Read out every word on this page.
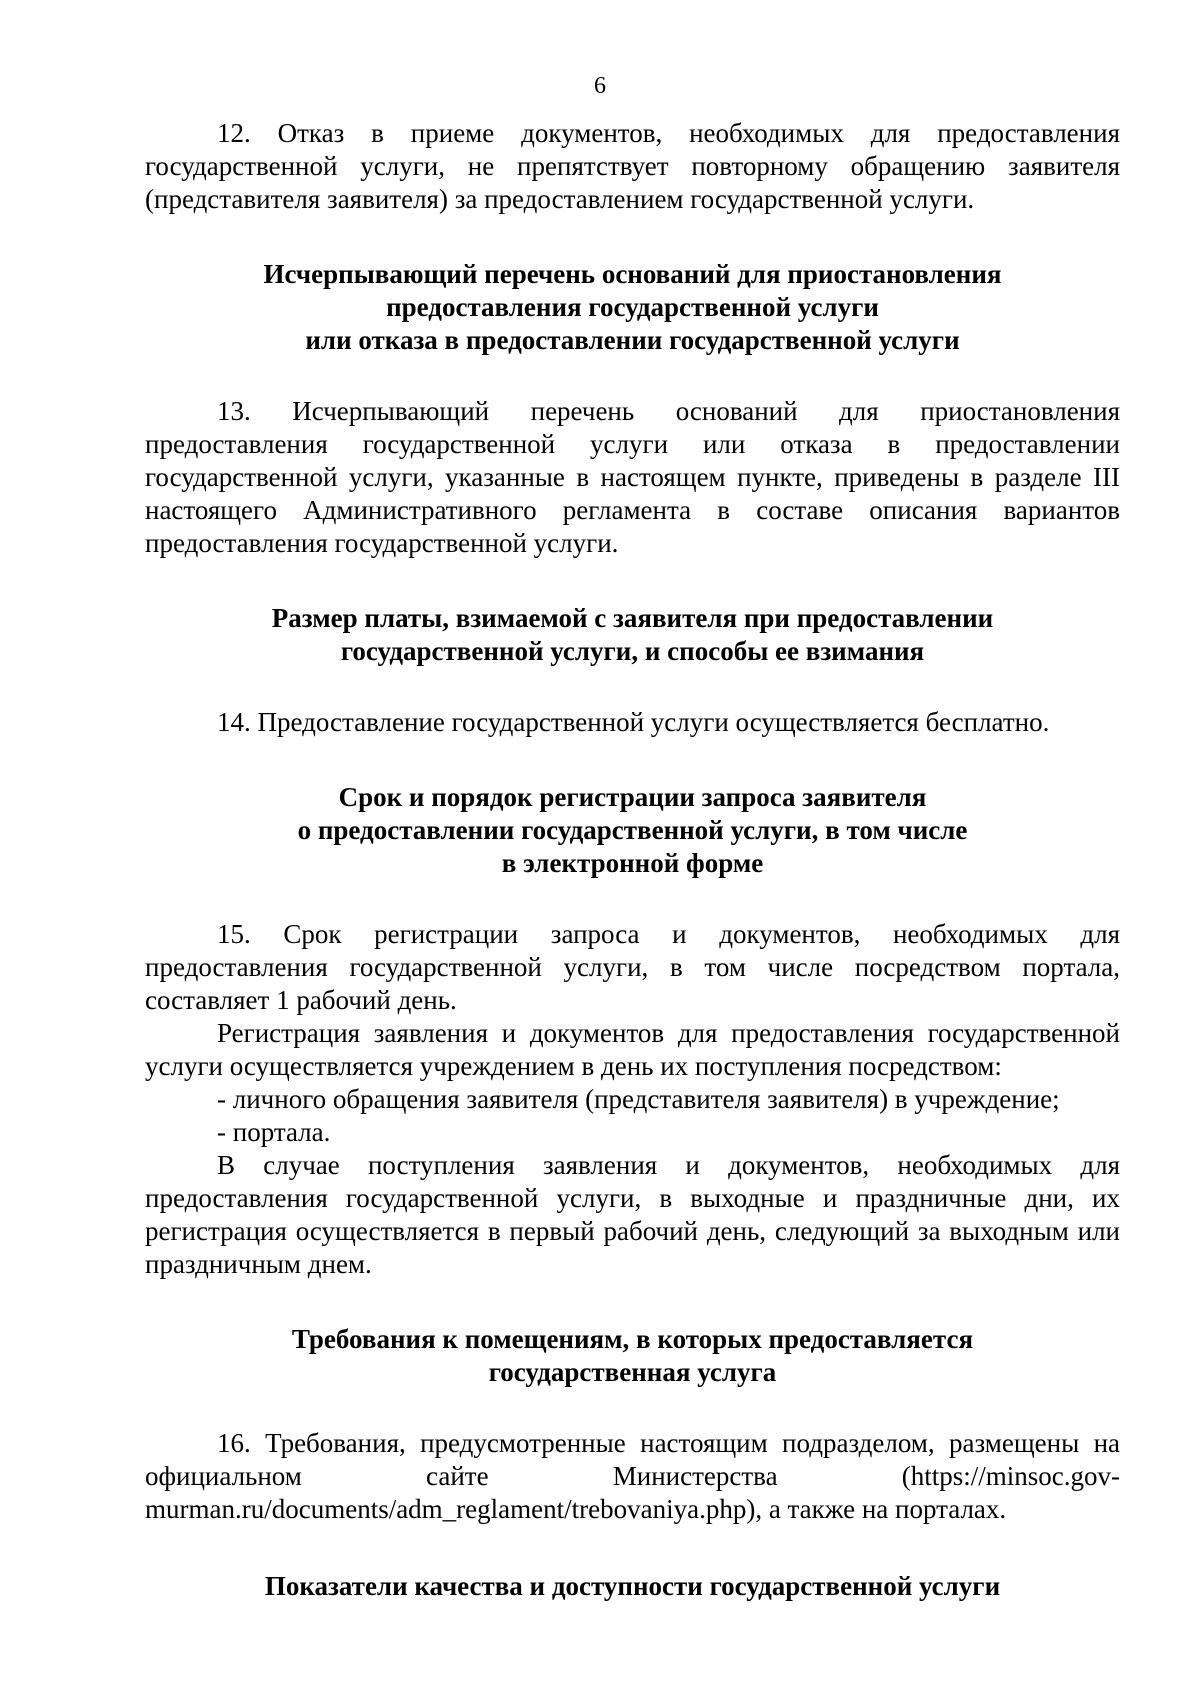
6

12. Отказ в приеме документов, необходимых для предоставления государственной услуги, не препятствует повторному обращению заявителя (представителя заявителя) за предоставлением государственной услуги.

Исчерпывающий перечень оснований для приостановления
предоставления государственной услуги
или отказа в предоставлении государственной услуги

13. Исчерпывающий перечень оснований для приостановления предоставления государственной услуги или отказа в предоставлении государственной услуги, указанные в настоящем пункте, приведены в разделе III настоящего Административного регламента в составе описания вариантов предоставления государственной услуги.

Размер платы, взимаемой с заявителя при предоставлении
государственной услуги, и способы ее взимания

14. Предоставление государственной услуги осуществляется бесплатно.

Срок и порядок регистрации запроса заявителя
о предоставлении государственной услуги, в том числе
в электронной форме

15. Срок регистрации запроса и документов, необходимых для предоставления государственной услуги, в том числе посредством портала, составляет 1 рабочий день.

Регистрация заявления и документов для предоставления государственной услуги осуществляется учреждением в день их поступления посредством:

- личного обращения заявителя (представителя заявителя) в учреждение;

- портала.

В случае поступления заявления и документов, необходимых для предоставления государственной услуги, в выходные и праздничные дни, их регистрация осуществляется в первый рабочий день, следующий за выходным или праздничным днем.

Требования к помещениям, в которых предоставляется
государственная услуга

16. Требования, предусмотренные настоящим подразделом, размещены на официальном сайте Министерства (https://minsoc.gov-murman.ru/documents/adm_reglament/trebovaniya.php), а также на порталах.

Показатели качества и доступности государственной услуги
